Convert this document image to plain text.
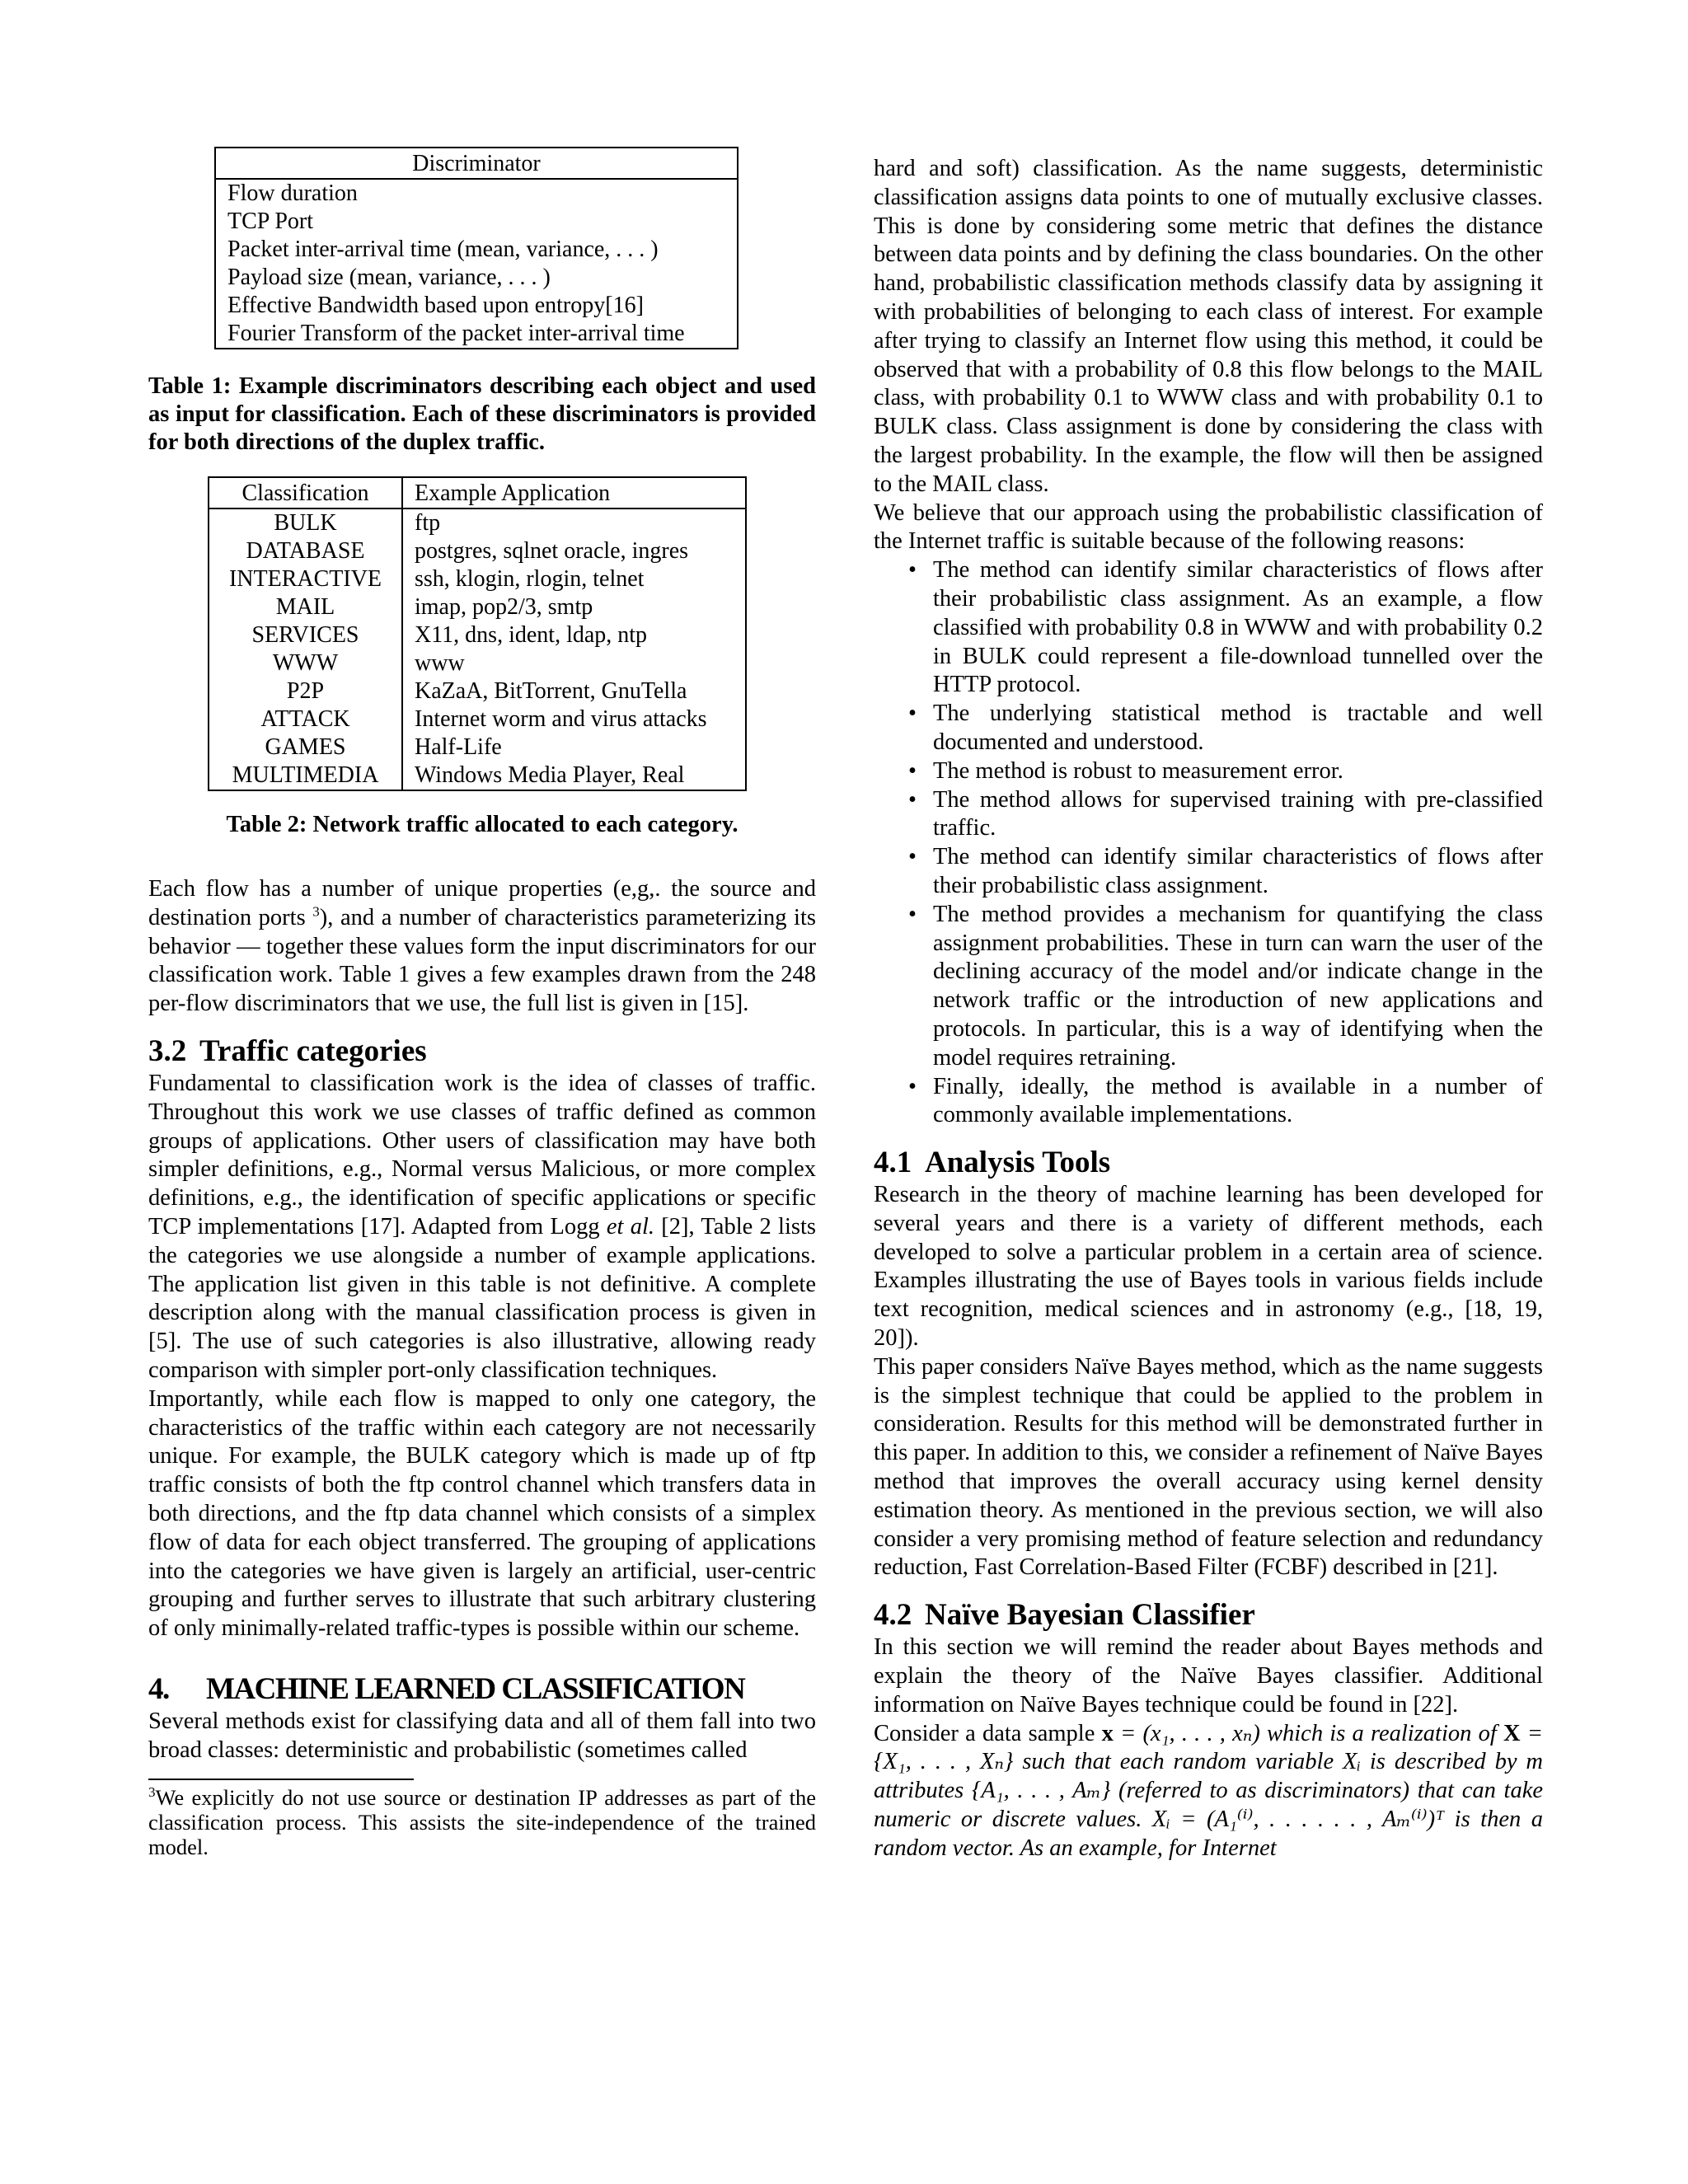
Discriminator
Flow duration
TCP Port
Packet inter-arrival time (mean, variance, . . . )
Payload size (mean, variance, . . . )
Effective Bandwidth based upon entropy[16]
Fourier Transform of the packet inter-arrival time
Table 1: Example discriminators describing each object and used as input for classification. Each of these discriminators is provided for both directions of the duplex traffic.
Classification	Example Application
BULK	ftp
DATABASE	postgres, sqlnet oracle, ingres
INTERACTIVE	ssh, klogin, rlogin, telnet
MAIL	imap, pop2/3, smtp
SERVICES	X11, dns, ident, ldap, ntp
WWW	www
P2P	KaZaA, BitTorrent, GnuTella
ATTACK	Internet worm and virus attacks
GAMES	Half-Life
MULTIMEDIA	Windows Media Player, Real
Table 2: Network traffic allocated to each category.

Each flow has a number of unique properties (e,g,. the source and destination ports $^3$), and a number of characteristics parameterizing its behavior — together these values form the input discriminators for our classification work. Table 1 gives a few examples drawn from the 248 per-flow discriminators that we use, the full list is given in [15].

3.2 Traffic categories

Fundamental to classification work is the idea of classes of traffic. Throughout this work we use classes of traffic defined as common groups of applications. Other users of classification may have both simpler definitions, e.g., Normal versus Malicious, or more complex definitions, e.g., the identification of specific applications or specific TCP implementations [17]. Adapted from Logg et al. [2], Table 2 lists the categories we use alongside a number of example applications. The application list given in this table is not definitive. A complete description along with the manual classification process is given in [5]. The use of such categories is also illustrative, allowing ready comparison with simpler port-only classification techniques.

Importantly, while each flow is mapped to only one category, the characteristics of the traffic within each category are not necessarily unique. For example, the BULK category which is made up of ftp traffic consists of both the ftp control channel which transfers data in both directions, and the ftp data channel which consists of a simplex flow of data for each object transferred. The grouping of applications into the categories we have given is largely an artificial, user-centric grouping and further serves to illustrate that such arbitrary clustering of only minimally-related traffic-types is possible within our scheme.

4. MACHINE LEARNED CLASSIFICATION

Several methods exist for classifying data and all of them fall into two broad classes: deterministic and probabilistic (sometimes called

$^3$We explicitly do not use source or destination IP addresses as part of the classification process. This assists the site-independence of the trained model.

hard and soft) classification. As the name suggests, deterministic classification assigns data points to one of mutually exclusive classes. This is done by considering some metric that defines the distance between data points and by defining the class boundaries. On the other hand, probabilistic classification methods classify data by assigning it with probabilities of belonging to each class of interest. For example after trying to classify an Internet flow using this method, it could be observed that with a probability of 0.8 this flow belongs to the MAIL class, with probability 0.1 to WWW class and with probability 0.1 to BULK class. Class assignment is done by considering the class with the largest probability. In the example, the flow will then be assigned to the MAIL class.

We believe that our approach using the probabilistic classification of the Internet traffic is suitable because of the following reasons:

• The method can identify similar characteristics of flows after their probabilistic class assignment. As an example, a flow classified with probability 0.8 in WWW and with probability 0.2 in BULK could represent a file-download tunnelled over the HTTP protocol.
• The underlying statistical method is tractable and well documented and understood.
• The method is robust to measurement error.
• The method allows for supervised training with pre-classified traffic.
• The method can identify similar characteristics of flows after their probabilistic class assignment.
• The method provides a mechanism for quantifying the class assignment probabilities. These in turn can warn the user of the declining accuracy of the model and/or indicate change in the network traffic or the introduction of new applications and protocols. In particular, this is a way of identifying when the model requires retraining.
• Finally, ideally, the method is available in a number of commonly available implementations.
4.1 Analysis Tools

Research in the theory of machine learning has been developed for several years and there is a variety of different methods, each developed to solve a particular problem in a certain area of science. Examples illustrating the use of Bayes tools in various fields include text recognition, medical sciences and in astronomy (e.g., [18, 19, 20]).

This paper considers Naïve Bayes method, which as the name suggests is the simplest technique that could be applied to the problem in consideration. Results for this method will be demonstrated further in this paper. In addition to this, we consider a refinement of Naïve Bayes method that improves the overall accuracy using kernel density estimation theory. As mentioned in the previous section, we will also consider a very promising method of feature selection and redundancy reduction, Fast Correlation-Based Filter (FCBF) described in [21].

4.2 Naïve Bayesian Classifier

In this section we will remind the reader about Bayes methods and explain the theory of the Naïve Bayes classifier. Additional information on Naïve Bayes technique could be found in [22].

Consider a data sample x = (x₁, . . . , xₙ) which is a realization of X = {X₁, . . . , Xₙ} such that each random variable Xᵢ is described by m attributes {A₁, . . . , Aₘ} (referred to as discriminators) that can take numeric or discrete values. Xᵢ = (A₁⁽ⁱ⁾, . . . . . . , Aₘ⁽ⁱ⁾)ᵀ is then a random vector. As an example, for Internet
